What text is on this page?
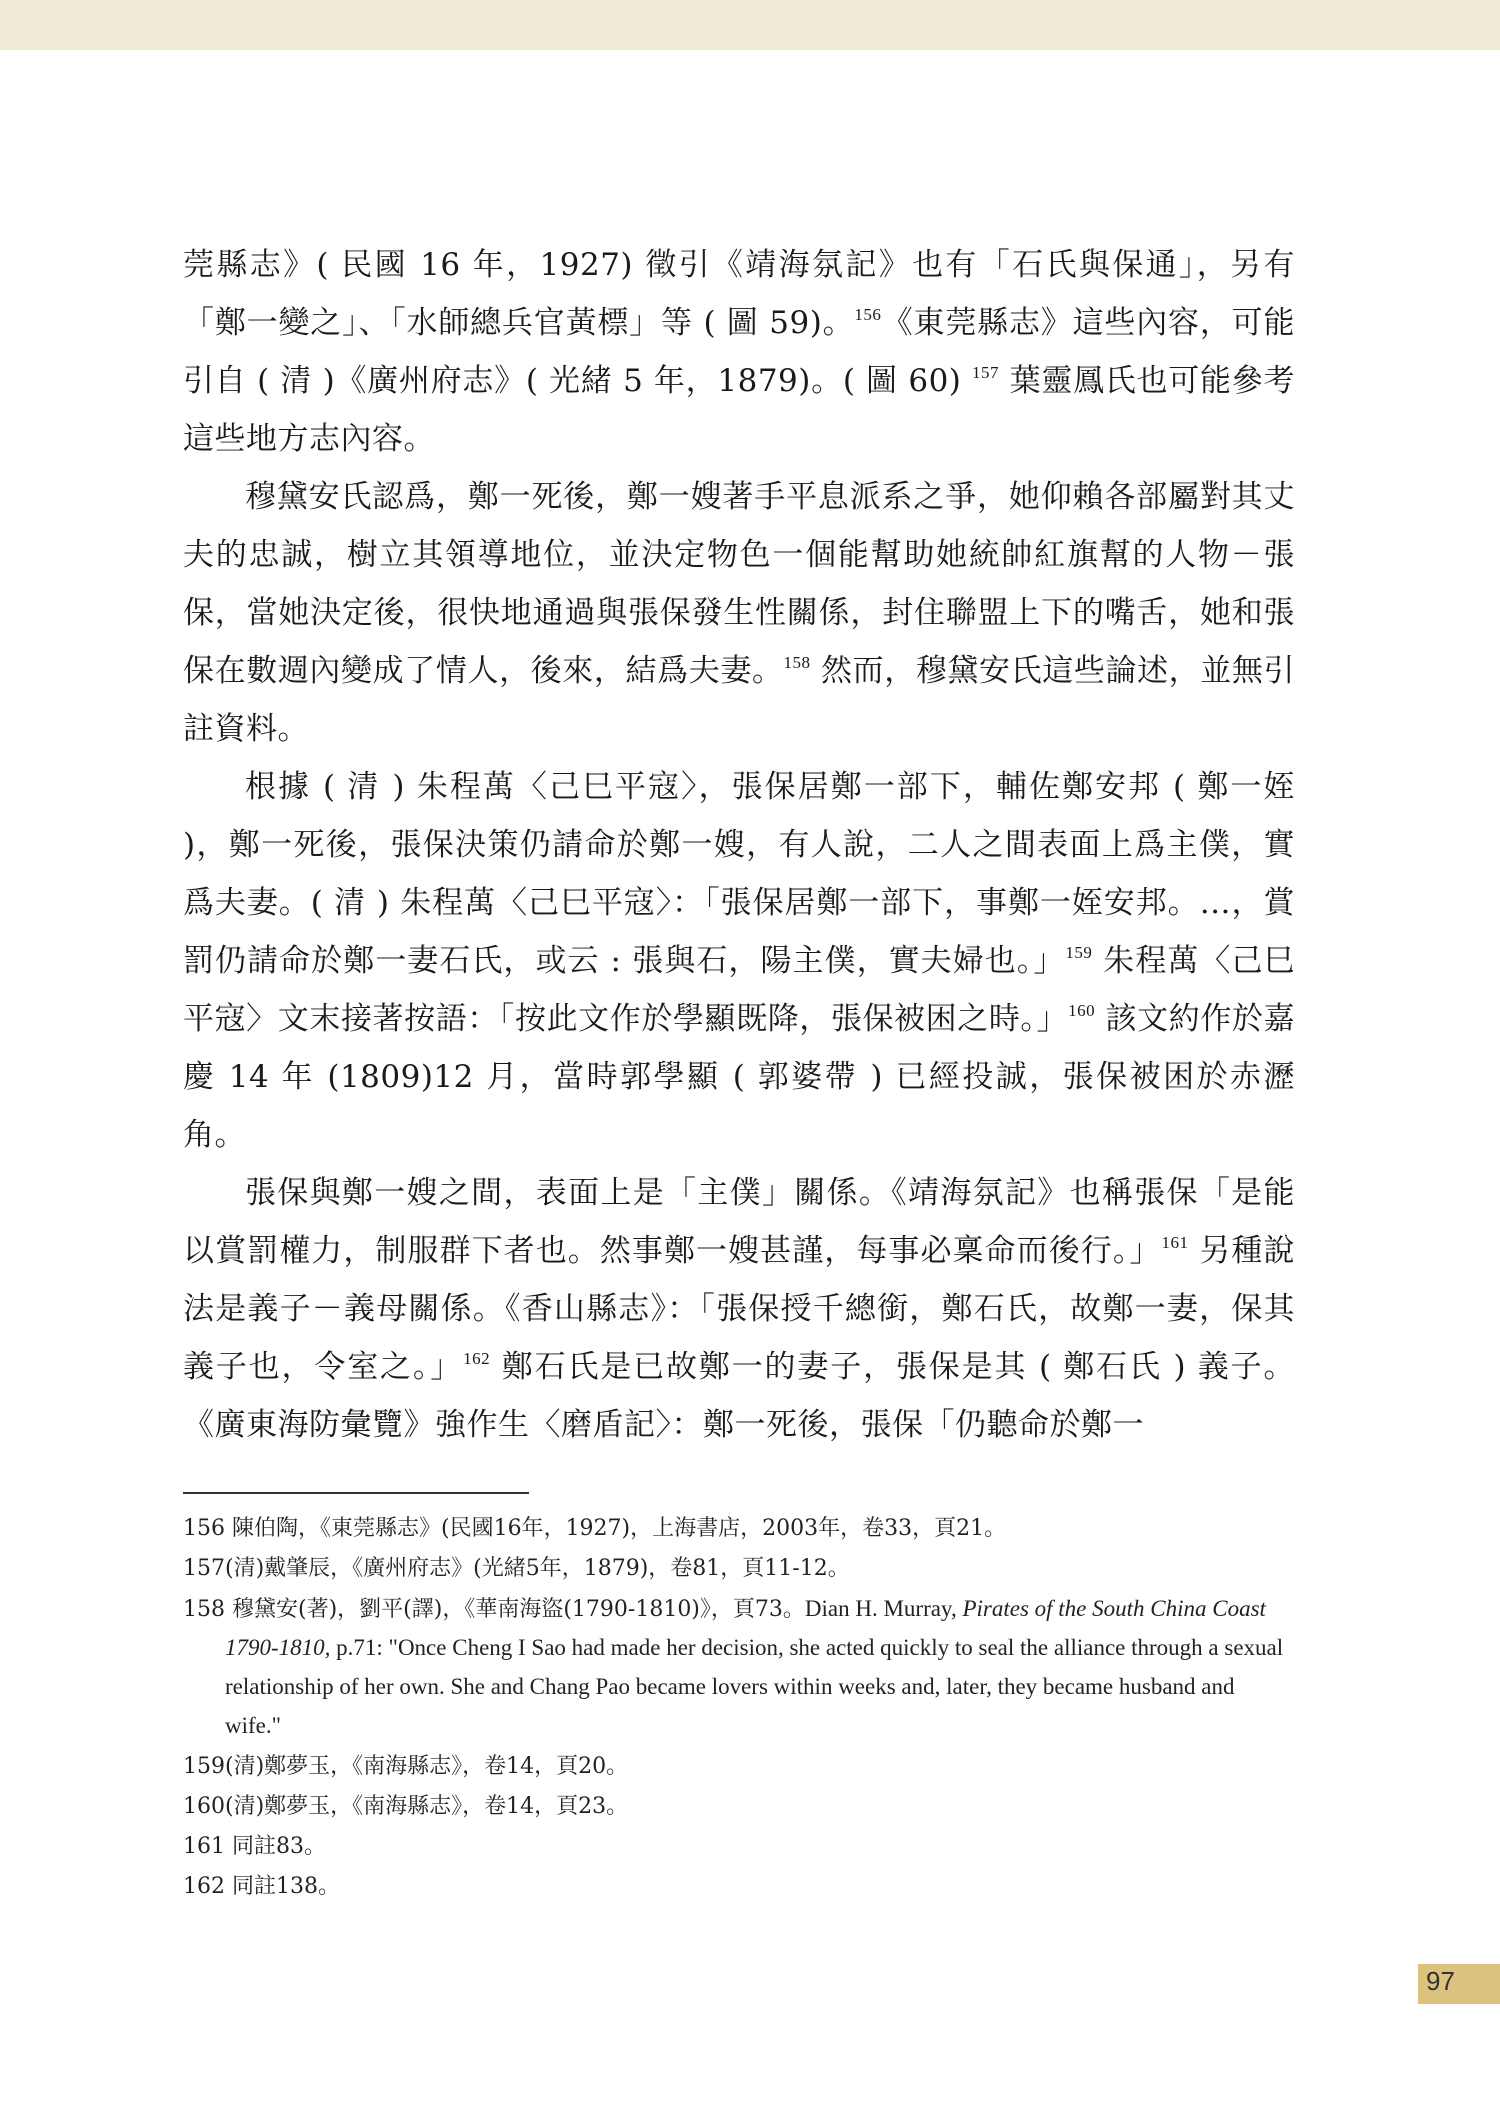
莞縣志》( 民國 16 年，1927) 徵引《靖海氛記》也有「石氏與保通」，另有「鄭一變之」、「水師總兵官黃標」等 ( 圖 59)。$^{156}$《東莞縣志》這些內容，可能引自 ( 清 )《廣州府志》( 光緒 5 年，1879)。( 圖 60) $^{157}$ 葉靈鳳氏也可能參考這些地方志內容。

穆黛安氏認爲，鄭一死後，鄭一嫂著手平息派系之爭，她仰賴各部屬對其丈夫的忠誠，樹立其領導地位，並決定物色一個能幫助她統帥紅旗幫的人物－張保，當她決定後，很快地通過與張保發生性關係，封住聯盟上下的嘴舌，她和張保在數週內變成了情人，後來，結爲夫妻。$^{158}$ 然而，穆黛安氏這些論述，並無引註資料。

根據 ( 清 ) 朱程萬〈己巳平寇〉，張保居鄭一部下，輔佐鄭安邦 ( 鄭一姪 )，鄭一死後，張保決策仍請命於鄭一嫂，有人說，二人之間表面上爲主僕，實爲夫妻。( 清 ) 朱程萬〈己巳平寇〉：「張保居鄭一部下，事鄭一姪安邦。…，賞罰仍請命於鄭一妻石氏，或云 : 張與石，陽主僕，實夫婦也。」$^{159}$ 朱程萬〈己巳平寇〉文末接著按語：「按此文作於學顯既降，張保被困之時。」$^{160}$ 該文約作於嘉慶 14 年 (1809)12 月，當時郭學顯 ( 郭婆帶 ) 已經投誠，張保被困於赤瀝角。

張保與鄭一嫂之間，表面上是「主僕」關係。《靖海氛記》也稱張保「是能以賞罰權力，制服群下者也。然事鄭一嫂甚謹，每事必稟命而後行。」$^{161}$ 另種說法是義子－義母關係。《香山縣志》：「張保授千總銜，鄭石氏，故鄭一妻，保其義子也，令室之。」$^{162}$ 鄭石氏是已故鄭一的妻子，張保是其 ( 鄭石氏 ) 義子。《廣東海防彙覽》強作生〈磨盾記〉：鄭一死後，張保「仍聽命於鄭一

156 陳伯陶，《東莞縣志》(民國16年，1927)，上海書店，2003年，卷33，頁21。

157(清)戴肇辰，《廣州府志》(光緒5年，1879)，卷81，頁11-12。

158 穆黛安(著)，劉平(譯)，《華南海盜(1790-1810)》，頁73。Dian H. Murray, Pirates of the South China Coast 1790-1810, p.71: "Once Cheng I Sao had made her decision, she acted quickly to seal the alliance through a sexual relationship of her own. She and Chang Pao became lovers within weeks and, later, they became husband and wife."

159(清)鄭夢玉，《南海縣志》，卷14，頁20。

160(清)鄭夢玉，《南海縣志》，卷14，頁23。

161 同註83。

162 同註138。

97
